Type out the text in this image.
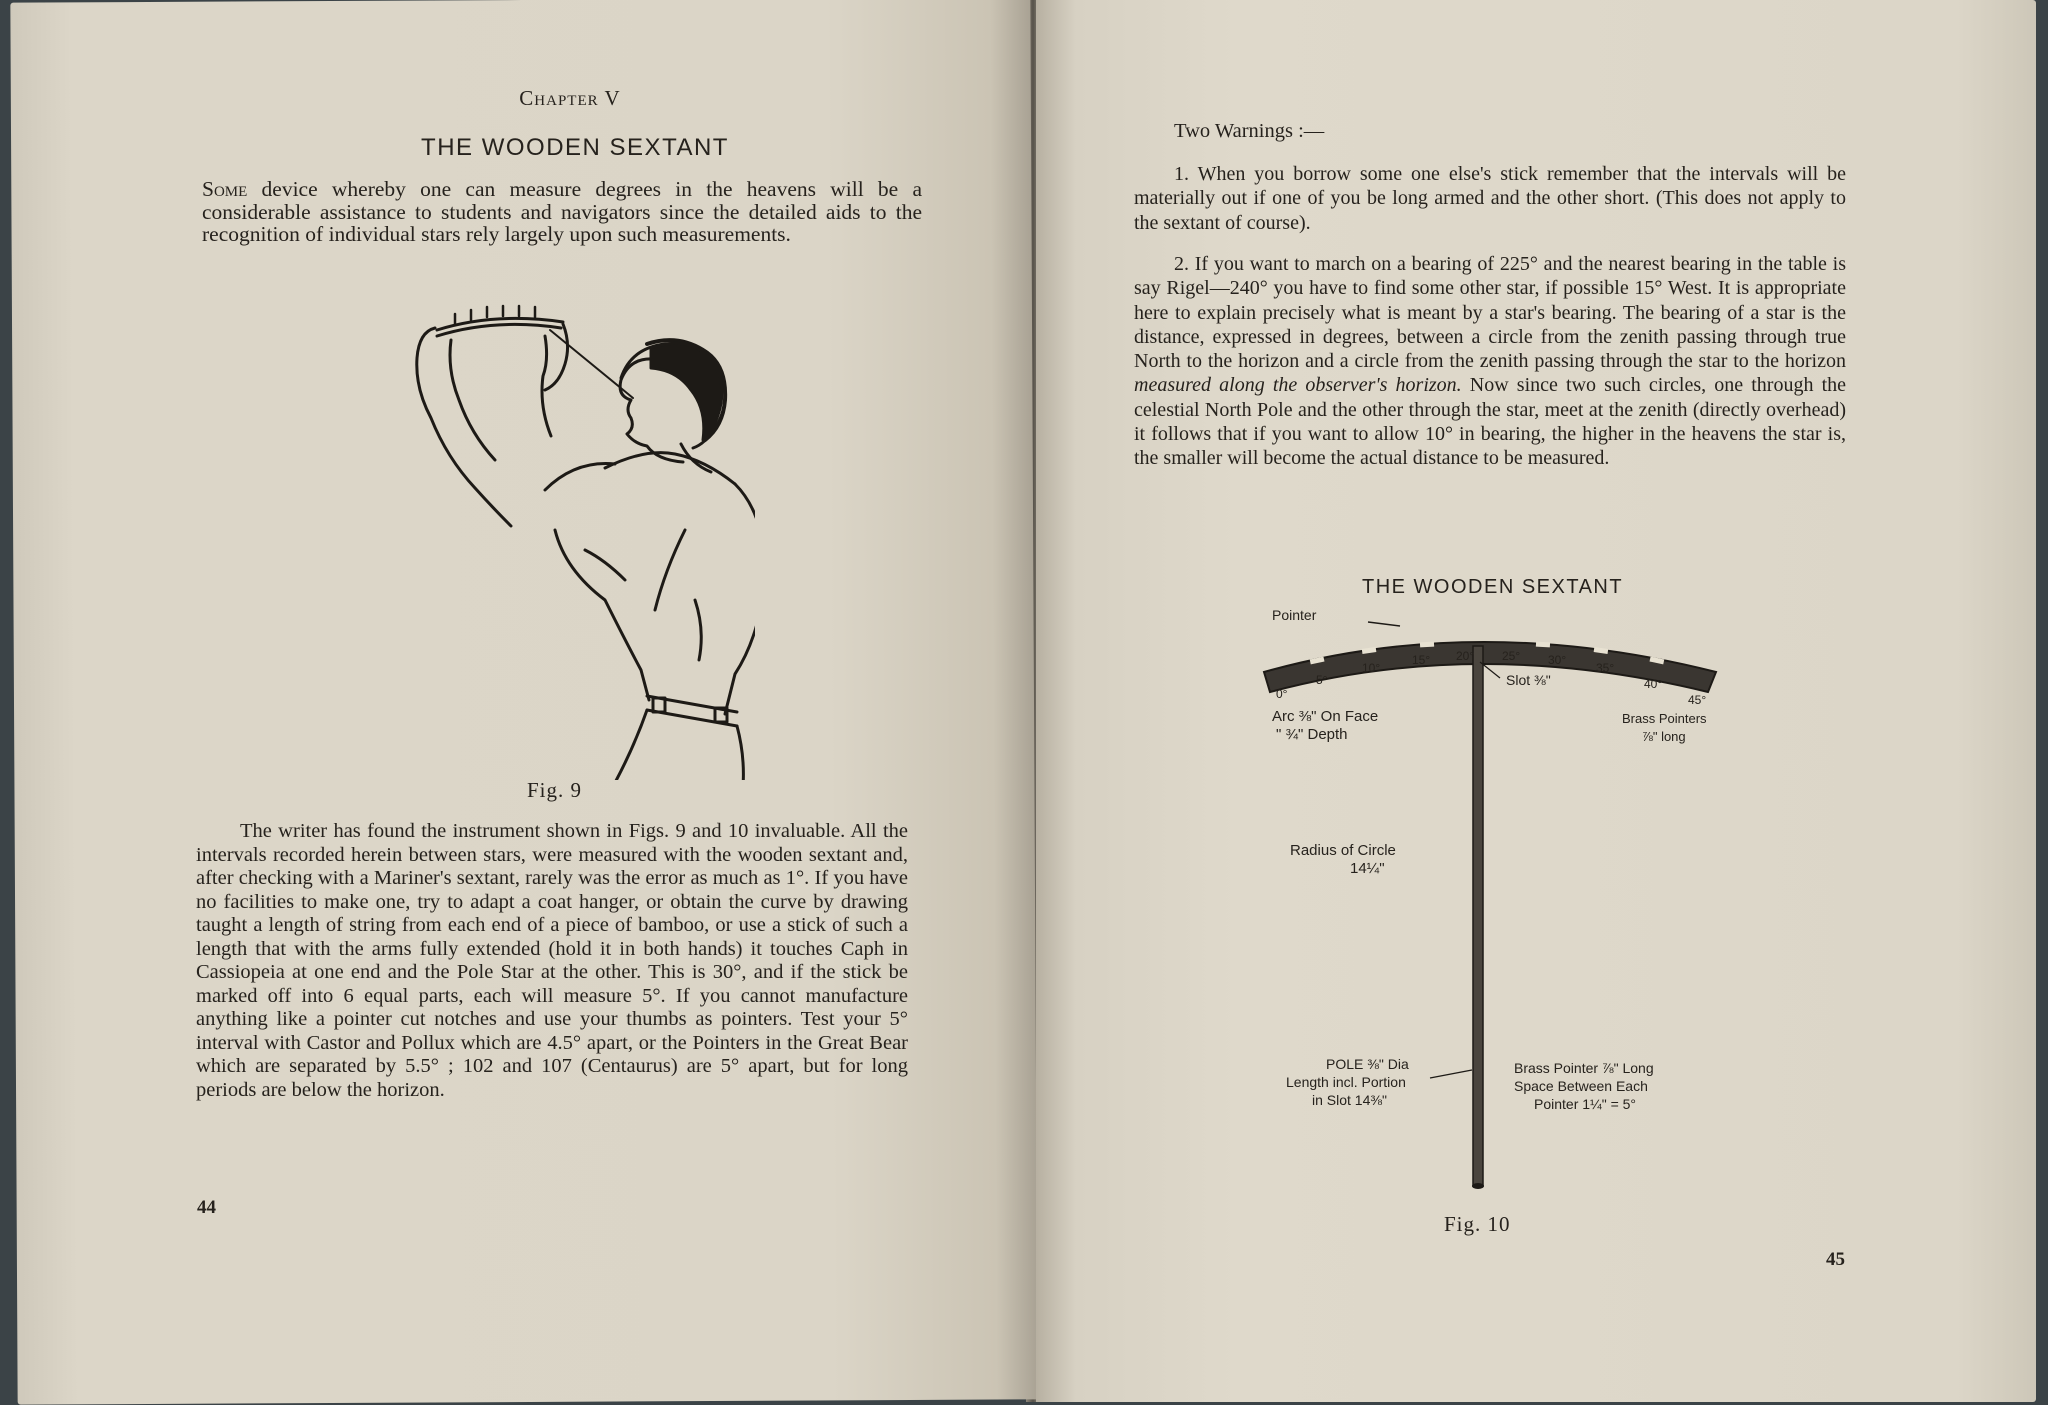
Chapter V
THE WOODEN SEXTANT
Some device whereby one can measure degrees in the heavens will be a considerable assistance to students and navigators since the detailed aids to the recognition of individual stars rely largely upon such measurements.
Fig. 9
The writer has found the instrument shown in Figs. 9 and 10 invaluable. All the intervals recorded herein between stars, were measured with the wooden sextant and, after checking with a Mariner's sextant, rarely was the error as much as 1°. If you have no facilities to make one, try to adapt a coat hanger, or obtain the curve by drawing taught a length of string from each end of a piece of bamboo, or use a stick of such a length that with the arms fully extended (hold it in both hands) it touches Caph in Cassiopeia at one end and the Pole Star at the other. This is 30°, and if the stick be marked off into 6 equal parts, each will measure 5°. If you cannot manufacture anything like a pointer cut notches and use your thumbs as pointers. Test your 5° interval with Castor and Pollux which are 4.5° apart, or the Pointers in the Great Bear which are separated by 5.5° ; 102 and 107 (Centaurus) are 5° apart, but for long periods are below the horizon.
44
Two Warnings :—
1. When you borrow some one else's stick remember that the intervals will be materially out if one of you be long armed and the other short. (This does not apply to the sextant of course).
2. If you want to march on a bearing of 225° and the nearest bearing in the table is say Rigel—240° you have to find some other star, if possible 15° West. It is appropriate here to explain precisely what is meant by a star's bearing. The bearing of a star is the distance, expressed in degrees, between a circle from the zenith passing through true North to the horizon and a circle from the zenith passing through the star to the horizon measured along the observer's horizon. Now since two such circles, one through the celestial North Pole and the other through the star, meet at the zenith (directly overhead) it follows that if you want to allow 10° in bearing, the higher in the heavens the star is, the smaller will become the actual distance to be measured.
THE WOODEN SEXTANT
Pointer
0°
5°
10°
15° 20° 25° 30°
35°
40°
45°
Slot ⅜"
Arc ⅜" On Face
" ¾" Depth
Brass Pointers
⅞" long
Radius of Circle
14¼"
POLE ⅜" Dia
Length incl. Portion
in Slot 14⅜"
Brass Pointer ⅞" Long
Space Between Each
Pointer 1¼" = 5°
Fig. 10
45
